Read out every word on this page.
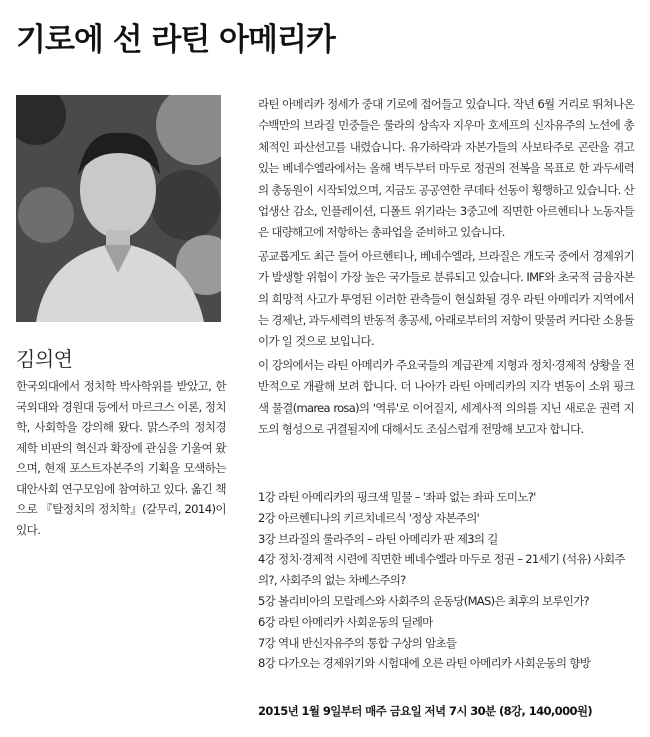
기로에 선 라틴 아메리카
김의연
한국외대에서 정치학 박사학위를 받았고, 한국외대와 경원대 등에서 마르크스 이론, 정치학, 사회학을 강의해 왔다. 맑스주의 정치경제학 비판의 혁신과 확장에 관심을 기울여 왔으며, 현재 포스트자본주의 기획을 모색하는 대안사회 연구모임에 참여하고 있다. 옮긴 책으로 『탈정치의 정치학』(갈무리, 2014)이 있다.

라틴 아메리카 정세가 중대 기로에 접어들고 있습니다. 작년 6월 거리로 뛰쳐나온 수백만의 브라질 민중들은 룰라의 상속자 지우마 호세프의 신자유주의 노선에 총체적인 파산선고를 내렸습니다. 유가하락과 자본가들의 사보타주로 곤란을 겪고 있는 베네수엘라에서는 올해 벽두부터 마두로 정권의 전복을 목표로 한 과두세력의 총동원이 시작되었으며, 지금도 공공연한 쿠데타 선동이 횡행하고 있습니다. 산업생산 감소, 인플레이션, 디폴트 위기라는 3중고에 직면한 아르헨티나 노동자들은 대량해고에 저항하는 총파업을 준비하고 있습니다.

공교롭게도 최근 들어 아르헨티나, 베네수엘라, 브라질은 개도국 중에서 경제위기가 발생할 위험이 가장 높은 국가들로 분류되고 있습니다. IMF와 초국적 금융자본의 희망적 사고가 투영된 이러한 관측들이 현실화될 경우 라틴 아메리카 지역에서는 경제난, 과두세력의 반동적 총공세, 아래로부터의 저항이 맞물려 커다란 소용돌이가 일 것으로 보입니다.

이 강의에서는 라틴 아메리카 주요국들의 계급관계 지형과 정치·경제적 상황을 전반적으로 개괄해 보려 합니다. 더 나아가 라틴 아메리카의 지각 변동이 소위 핑크색 물결(marea rosa)의 '역류'로 이어질지, 세계사적 의의를 지닌 새로운 권력 지도의 형성으로 귀결될지에 대해서도 조심스럽게 전망해 보고자 합니다.

1강 라틴 아메리카의 핑크색 밀물 – '좌파 없는 좌파 도미노?'
2강 아르헨티나의 키르치네르식 '정상 자본주의'
3강 브라질의 룰라주의 – 라틴 아메리카 판 제3의 길
4강 정치·경제적 시련에 직면한 베네수엘라 마두로 정권 – 21세기 (석유) 사회주의?, 사회주의 없는 차베스주의?
5강 볼리비아의 모랄레스와 사회주의 운동당(MAS)은 최후의 보루인가?
6강 라틴 아메리카 사회운동의 딜레마
7강 역내 반신자유주의 통합 구상의 암초들
8강 다가오는 경제위기와 시험대에 오른 라틴 아메리카 사회운동의 향방
2015년 1월 9일부터 매주 금요일 저녁 7시 30분 (8강, 140,000원)
